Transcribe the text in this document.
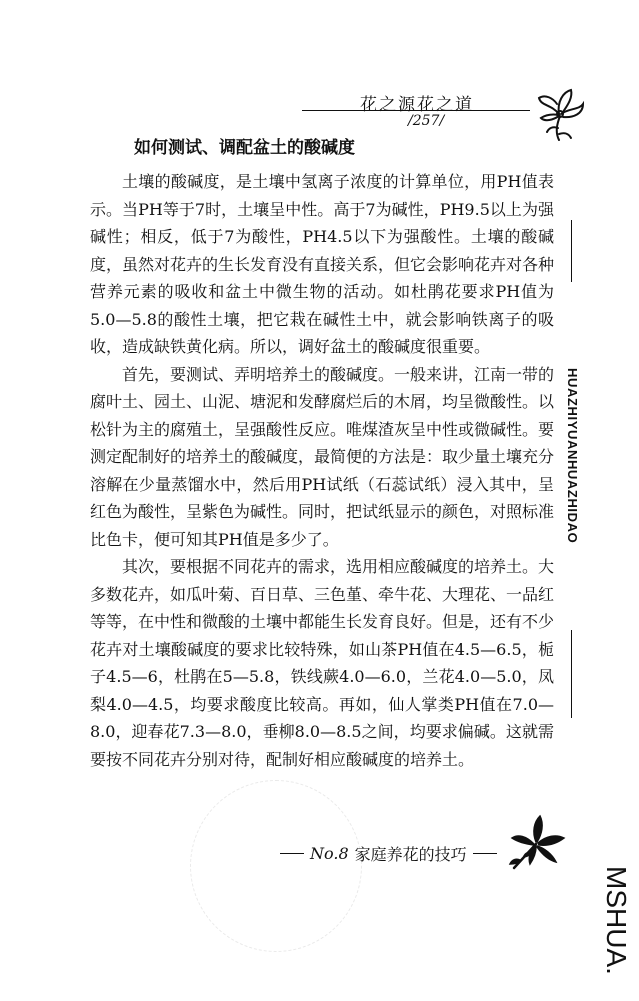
花之源花之道
/257/
如何测试、调配盆土的酸碱度

土壤的酸碱度，是土壤中氢离子浓度的计算单位，用PH值表示。当PH等于7时，土壤呈中性。高于7为碱性，PH9.5以上为强碱性；相反，低于7为酸性，PH4.5以下为强酸性。土壤的酸碱度，虽然对花卉的生长发育没有直接关系，但它会影响花卉对各种营养元素的吸收和盆土中微生物的活动。如杜鹃花要求PH值为5.0—5.8的酸性土壤，把它栽在碱性土中，就会影响铁离子的吸收，造成缺铁黄化病。所以，调好盆土的酸碱度很重要。

首先，要测试、弄明培养土的酸碱度。一般来讲，江南一带的腐叶土、园土、山泥、塘泥和发酵腐烂后的木屑，均呈微酸性。以松针为主的腐殖土，呈强酸性反应。唯煤渣灰呈中性或微碱性。要测定配制好的培养土的酸碱度，最简便的方法是：取少量土壤充分溶解在少量蒸馏水中，然后用PH试纸（石蕊试纸）浸入其中，呈红色为酸性，呈紫色为碱性。同时，把试纸显示的颜色，对照标准比色卡，便可知其PH值是多少了。

其次，要根据不同花卉的需求，选用相应酸碱度的培养土。大多数花卉，如瓜叶菊、百日草、三色堇、牵牛花、大理花、一品红等等，在中性和微酸的土壤中都能生长发育良好。但是，还有不少花卉对土壤酸碱度的要求比较特殊，如山茶PH值在4.5—6.5，栀子4.5—6，杜鹃在5—5.8，铁线蕨4.0—6.0，兰花4.0—5.0，凤梨4.0—4.5，均要求酸度比较高。再如，仙人掌类PH值在7.0—8.0，迎春花7.3—8.0，垂柳8.0—8.5之间，均要求偏碱。这就需要按不同花卉分别对待，配制好相应酸碱度的培养土。

HUAZHIYUANHUAZHIDAO
No.8 家庭养花的技巧
MSHUA.
